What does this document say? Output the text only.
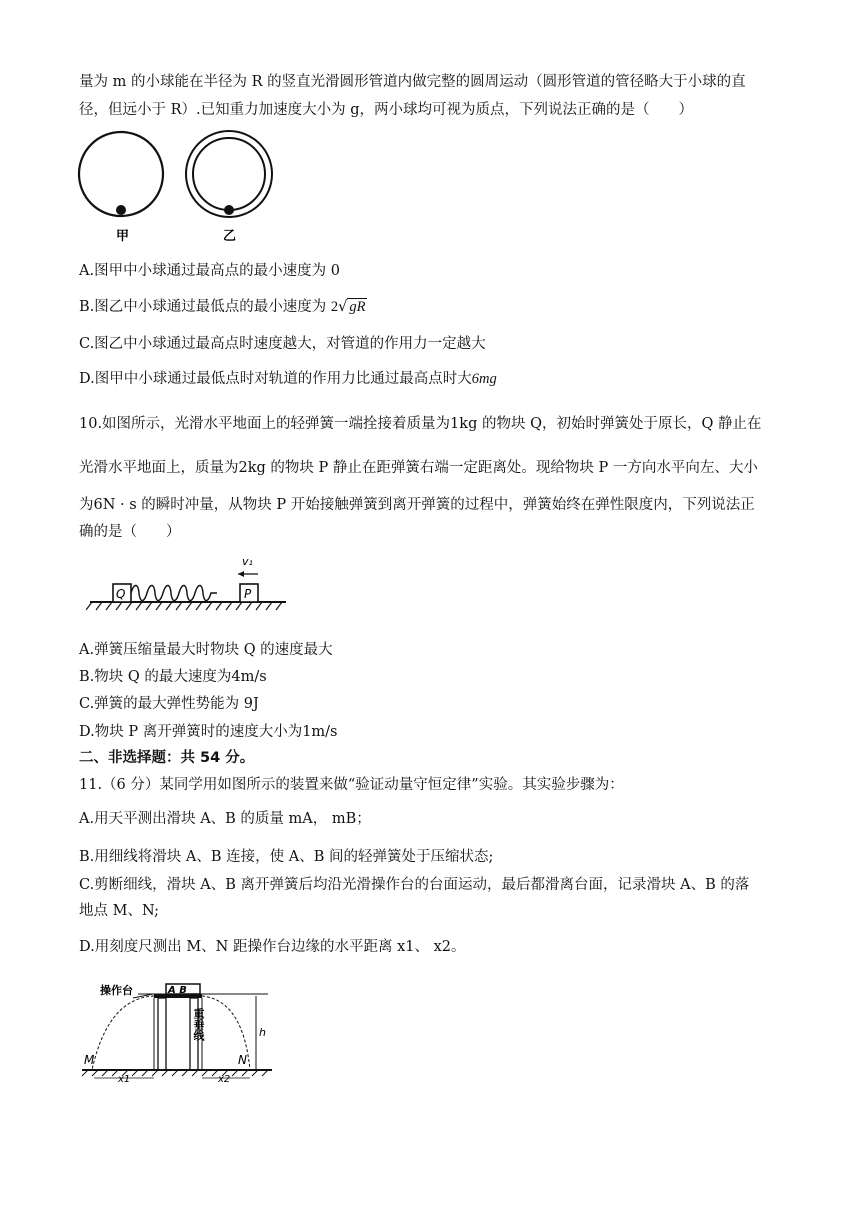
量为 m 的小球能在半径为 R 的竖直光滑圆形管道内做完整的圆周运动（圆形管道的管径略大于小球的直
径，但远小于 R）.已知重力加速度大小为 g，两小球均可视为质点，下列说法正确的是（　　）
甲	乙
A.图甲中小球通过最高点的最小速度为 0
B.图乙中小球通过最低点的最小速度为 2√ gR
C.图乙中小球通过最高点时速度越大，对管道的作用力一定越大
D.图甲中小球通过最低点时对轨道的作用力比通过最高点时大6mg
10.如图所示，光滑水平地面上的轻弹簧一端拴接着质量为1kg 的物块 Q，初始时弹簧处于原长，Q 静止在
光滑水平地面上，质量为2kg 的物块 P 静止在距弹簧右端一定距离处。现给物块 P 一方向水平向左、大小
为6N · s 的瞬时冲量，从物块 P 开始接触弹簧到离开弹簧的过程中，弹簧始终在弹性限度内，下列说法正
确的是（　　）
Q	P
v₁
A.弹簧压缩量最大时物块 Q 的速度最大
B.物块 Q 的最大速度为4m/s
C.弹簧的最大弹性势能为 9J
D.物块 P 离开弹簧时的速度大小为1m/s
二、非选择题：共 54 分。
11.（6 分）某同学用如图所示的装置来做“验证动量守恒定律”实验。其实验步骤为：
A.用天平测出滑块 A、B 的质量 mA， mB；
B.用细线将滑块 A、B 连接，使 A、B 间的轻弹簧处于压缩状态;
C.剪断细线，滑块 A、B 离开弹簧后均沿光滑操作台的台面运动，最后都滑离台面，记录滑块 A、B 的落
地点 M、N;
D.用刻度尺测出 M、N 距操作台边缘的水平距离 x1、 x2。
操作台	A B
重垂线
h
M	N
x1	x2
